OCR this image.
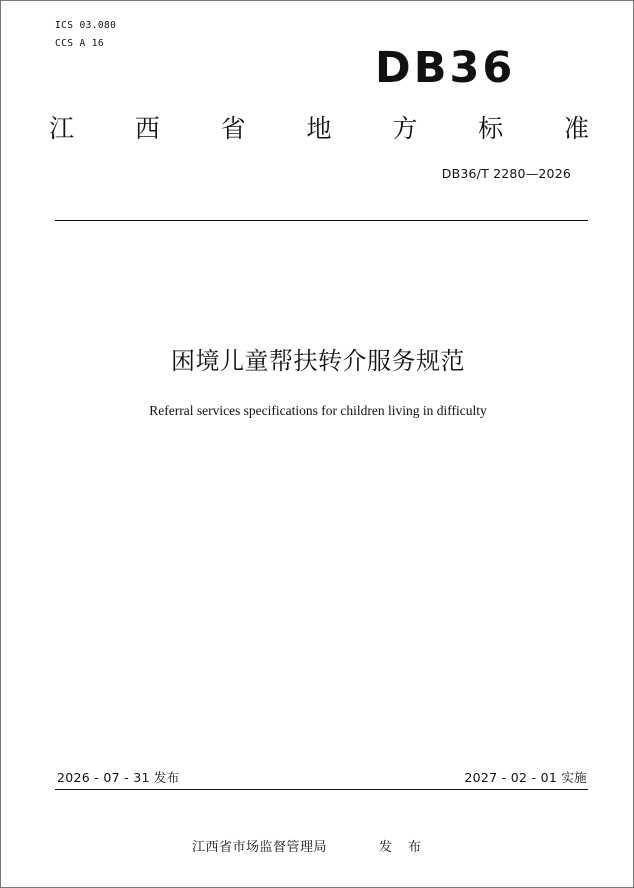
ICS 03.080
CCS A 16	DB36
江 西 省 地 方 标 准
DB36/T 2280—2026
困境儿童帮扶转介服务规范
Referral services specifications for children living in difficulty
2026 - 07 - 31 发布	2027 - 02 - 01 实施
江西省市场监督管理局	发 布
